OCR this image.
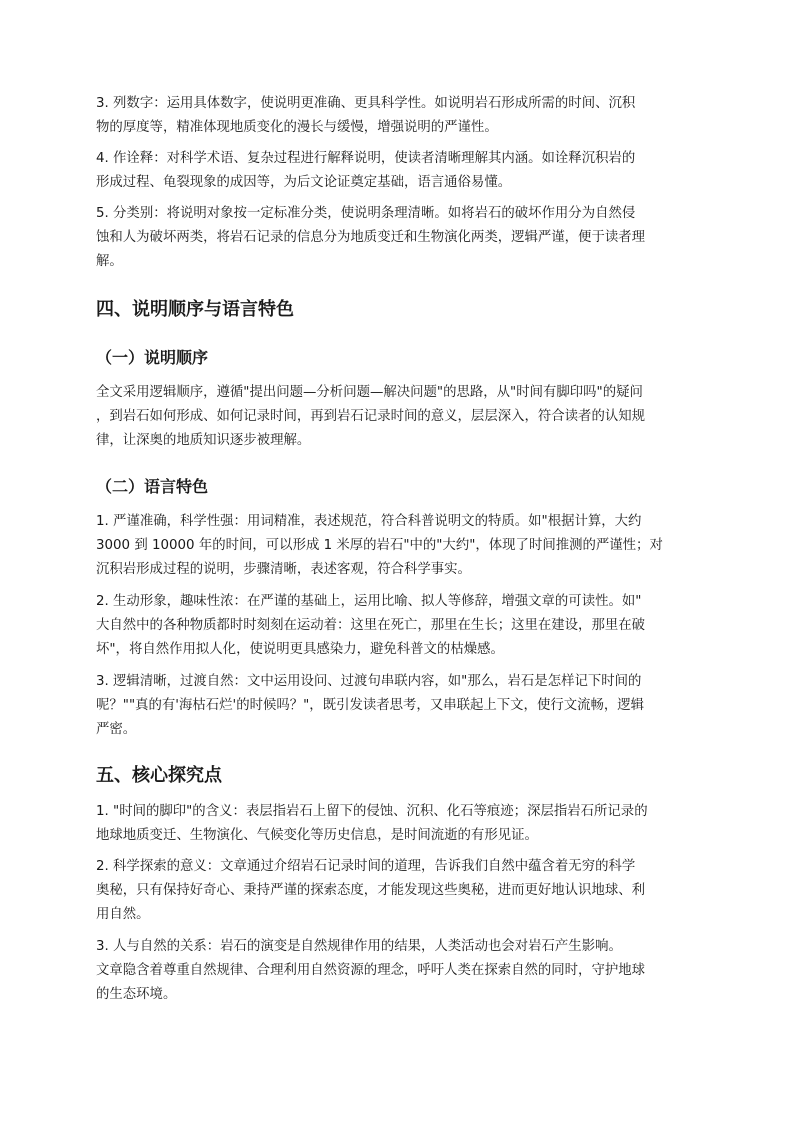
3. 列数字：运用具体数字，使说明更准确、更具科学性。如说明岩石形成所需的时间、沉积
物的厚度等，精准体现地质变化的漫长与缓慢，增强说明的严谨性。

4. 作诠释：对科学术语、复杂过程进行解释说明，使读者清晰理解其内涵。如诠释沉积岩的
形成过程、龟裂现象的成因等，为后文论证奠定基础，语言通俗易懂。

5. 分类别：将说明对象按一定标准分类，使说明条理清晰。如将岩石的破坏作用分为自然侵
蚀和人为破坏两类，将岩石记录的信息分为地质变迁和生物演化两类，逻辑严谨，便于读者理
解。

四、说明顺序与语言特色
（一）说明顺序

全文采用逻辑顺序，遵循"提出问题—分析问题—解决问题"的思路，从"时间有脚印吗"的疑问
，到岩石如何形成、如何记录时间，再到岩石记录时间的意义，层层深入，符合读者的认知规
律，让深奥的地质知识逐步被理解。

（二）语言特色

1. 严谨准确，科学性强：用词精准，表述规范，符合科普说明文的特质。如"根据计算，大约
3000 到 10000 年的时间，可以形成 1 米厚的岩石"中的"大约"，体现了时间推测的严谨性；对
沉积岩形成过程的说明，步骤清晰，表述客观，符合科学事实。

2. 生动形象，趣味性浓：在严谨的基础上，运用比喻、拟人等修辞，增强文章的可读性。如"
大自然中的各种物质都时时刻刻在运动着：这里在死亡，那里在生长；这里在建设，那里在破
坏"，将自然作用拟人化，使说明更具感染力，避免科普文的枯燥感。

3. 逻辑清晰，过渡自然：文中运用设问、过渡句串联内容，如"那么，岩石是怎样记下时间的
呢？""真的有'海枯石烂'的时候吗？"，既引发读者思考，又串联起上下文，使行文流畅，逻辑
严密。

五、核心探究点

1. "时间的脚印"的含义：表层指岩石上留下的侵蚀、沉积、化石等痕迹；深层指岩石所记录的
地球地质变迁、生物演化、气候变化等历史信息，是时间流逝的有形见证。

2. 科学探索的意义：文章通过介绍岩石记录时间的道理，告诉我们自然中蕴含着无穷的科学
奥秘，只有保持好奇心、秉持严谨的探索态度，才能发现这些奥秘，进而更好地认识地球、利
用自然。

3. 人与自然的关系：岩石的演变是自然规律作用的结果，人类活动也会对岩石产生影响。
文章隐含着尊重自然规律、合理利用自然资源的理念，呼吁人类在探索自然的同时，守护地球
的生态环境。
